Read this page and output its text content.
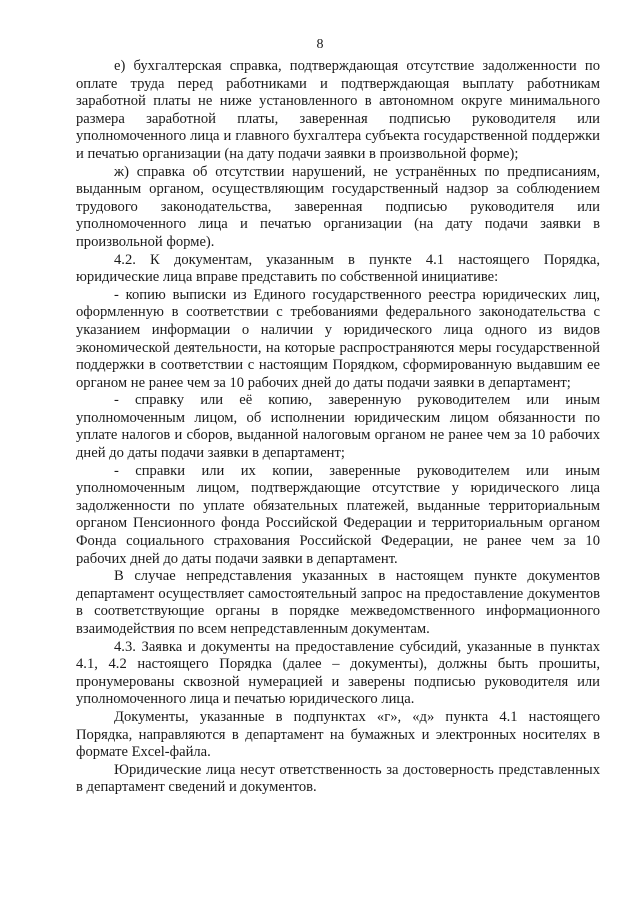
8

е) бухгалтерская справка, подтверждающая отсутствие задолженности по оплате труда перед работниками и подтверждающая выплату работникам заработной платы не ниже установленного в автономном округе минимального размера заработной платы, заверенная подписью руководителя или уполномоченного лица и главного бухгалтера субъекта государственной поддержки и печатью организации (на дату подачи заявки в произвольной форме);

ж) справка об отсутствии нарушений, не устранённых по предписаниям, выданным органом, осуществляющим государственный надзор за соблюдением трудового законодательства, заверенная подписью руководителя или уполномоченного лица и печатью организации (на дату подачи заявки в произвольной форме).

4.2. К документам, указанным в пункте 4.1 настоящего Порядка, юридические лица вправе представить по собственной инициативе:

- копию выписки из Единого государственного реестра юридических лиц, оформленную в соответствии с требованиями федерального законодательства с указанием информации о наличии у юридического лица одного из видов экономической деятельности, на которые распространяются меры государственной поддержки в соответствии с настоящим Порядком, сформированную выдавшим ее органом не ранее чем за 10 рабочих дней до даты подачи заявки в департамент;

- справку или её копию, заверенную руководителем или иным уполномоченным лицом, об исполнении юридическим лицом обязанности по уплате налогов и сборов, выданной налоговым органом не ранее чем за 10 рабочих дней до даты подачи заявки в департамент;

- справки или их копии, заверенные руководителем или иным уполномоченным лицом, подтверждающие отсутствие у юридического лица задолженности по уплате обязательных платежей, выданные территориальным органом Пенсионного фонда Российской Федерации и территориальным органом Фонда социального страхования Российской Федерации, не ранее чем за 10 рабочих дней до даты подачи заявки в департамент.

В случае непредставления указанных в настоящем пункте документов департамент осуществляет самостоятельный запрос на предоставление документов в соответствующие органы в порядке межведомственного информационного взаимодействия по всем непредставленным документам.

4.3. Заявка и документы на предоставление субсидий, указанные в пунктах 4.1, 4.2 настоящего Порядка (далее – документы), должны быть прошиты, пронумерованы сквозной нумерацией и заверены подписью руководителя или уполномоченного лица и печатью юридического лица.

Документы, указанные в подпунктах «г», «д» пункта 4.1 настоящего Порядка, направляются в департамент на бумажных и электронных носителях в формате Excel-файла.

Юридические лица несут ответственность за достоверность представленных в департамент сведений и документов.
